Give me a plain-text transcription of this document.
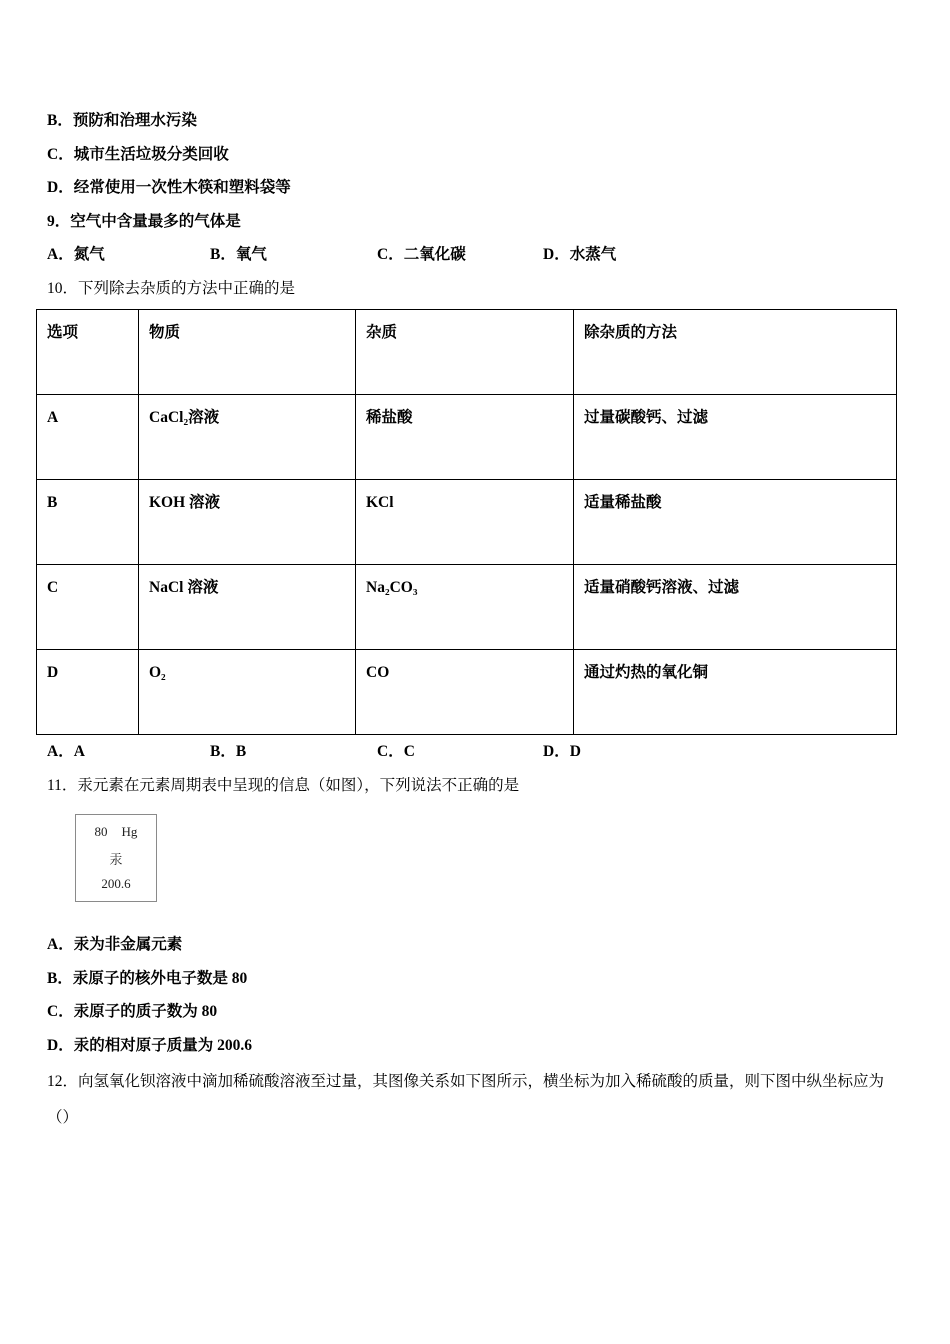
B．预防和治理水污染
C．城市生活垃圾分类回收
D．经常使用一次性木筷和塑料袋等
9．空气中含量最多的气体是
A．氮气	B．氧气	C．二氧化碳	D．水蒸气
10．下列除去杂质的方法中正确的是
选项	物质	杂质	除杂质的方法
A	CaCl₂溶液	稀盐酸	过量碳酸钙、过滤
B	KOH 溶液	KCl	适量稀盐酸
C	NaCl 溶液	Na₂CO₃	适量硝酸钙溶液、过滤
D	O₂	CO	通过灼热的氧化铜
A．A	B．B	C．C	D．D
11．汞元素在元素周期表中呈现的信息（如图），下列说法不正确的是
80 Hg
汞
200.6
A．汞为非金属元素
B．汞原子的核外电子数是 80
C．汞原子的质子数为 80
D．汞的相对原子质量为 200.6
12．向氢氧化钡溶液中滴加稀硫酸溶液至过量，其图像关系如下图所示，横坐标为加入稀硫酸的质量，则下图中纵坐标应为（）
